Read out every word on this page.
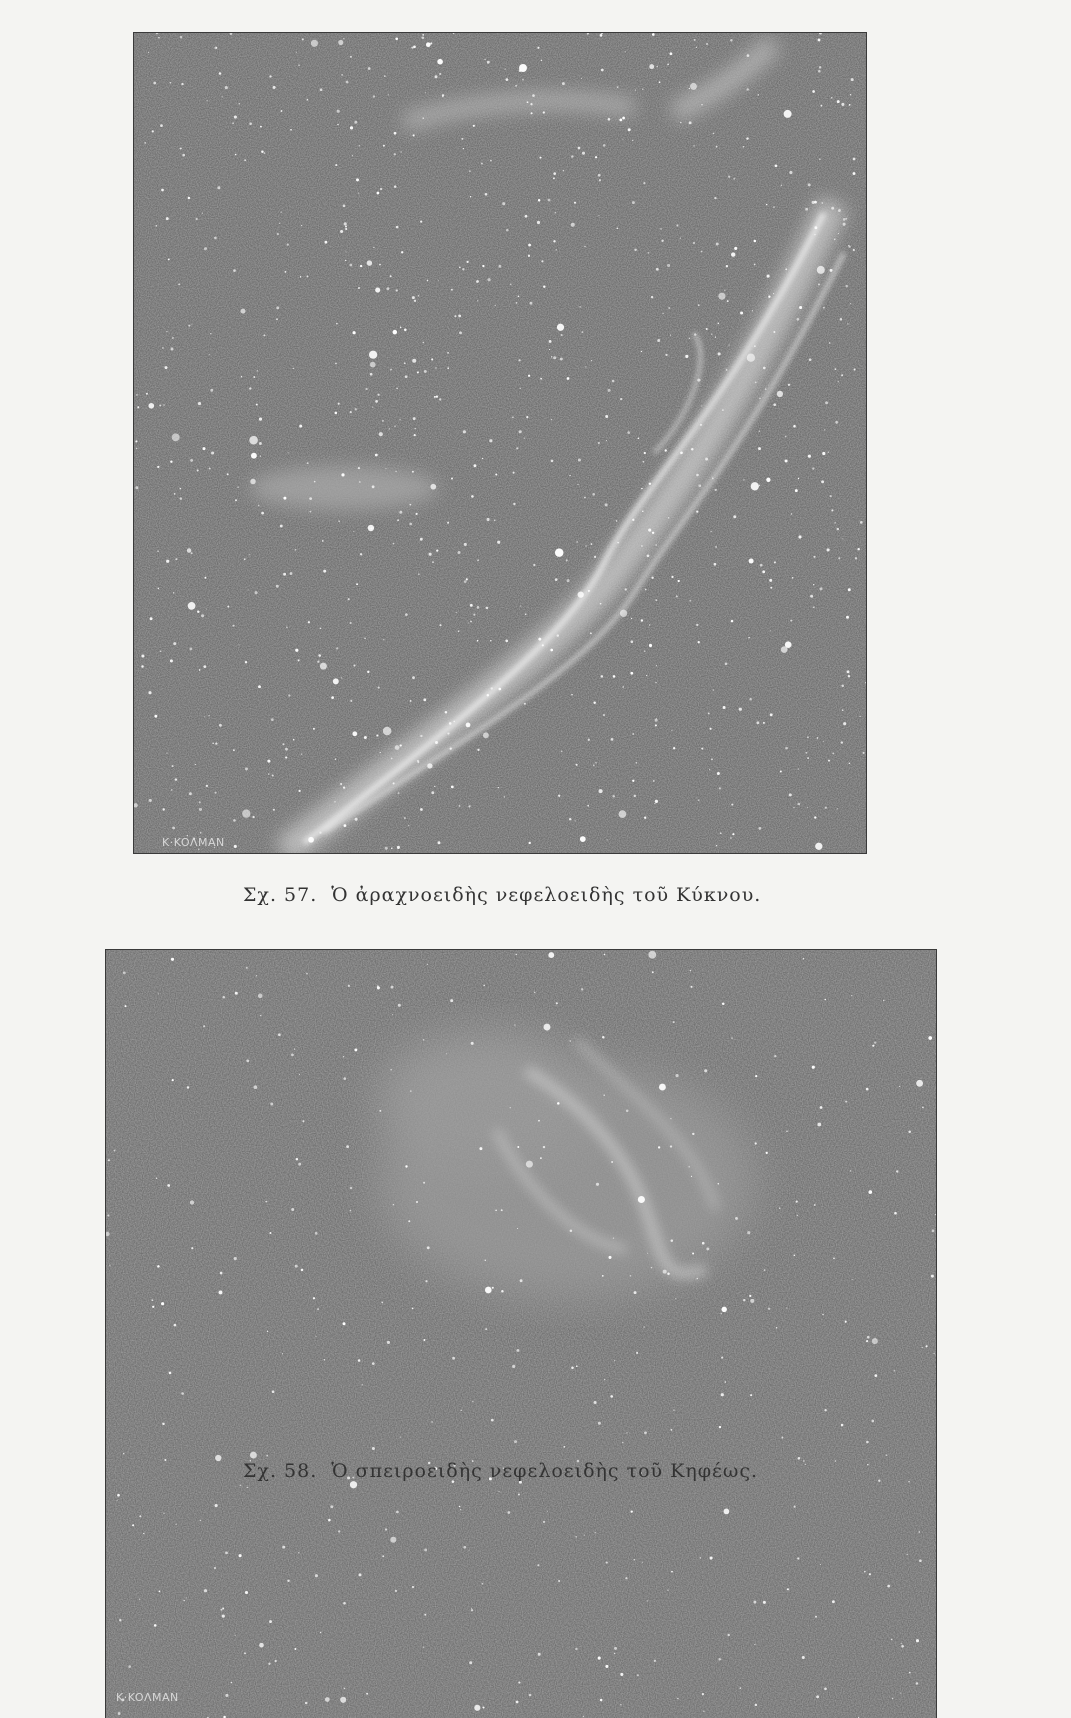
K·KOΛMAN
Σχ. 57. Ὁ ἀραχνοειδὴς νεφελοειδὴς τοῦ Κύκνου.
K·KOΛMAN
Σχ. 58. Ὁ σπειροειδὴς νεφελοειδὴς τοῦ Κηφέως.
